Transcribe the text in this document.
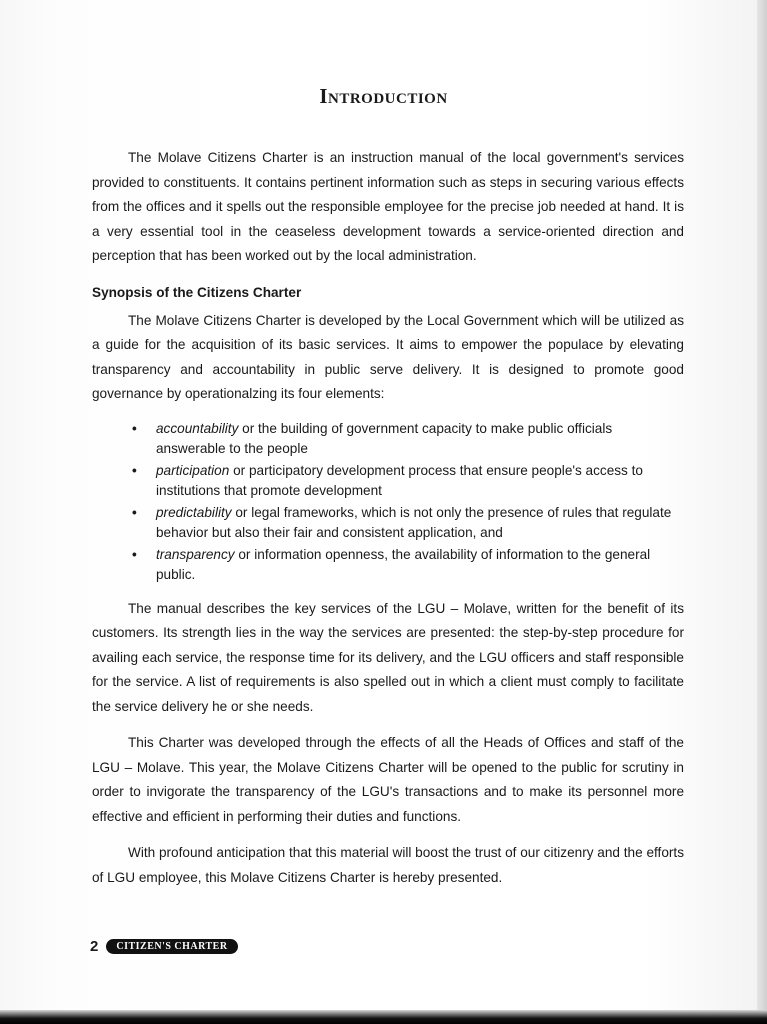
Introduction

The Molave Citizens Charter is an instruction manual of the local government's services provided to constituents. It contains pertinent information such as steps in securing various effects from the offices and it spells out the responsible employee for the precise job needed at hand. It is a very essential tool in the ceaseless development towards a service-oriented direction and perception that has been worked out by the local administration.

Synopsis of the Citizens Charter

The Molave Citizens Charter is developed by the Local Government which will be utilized as a guide for the acquisition of its basic services. It aims to empower the populace by elevating transparency and accountability in public serve delivery. It is designed to promote good governance by operationalzing its four elements:

• accountability or the building of government capacity to make public officials answerable to the people
• participation or participatory development process that ensure people's access to institutions that promote development
• predictability or legal frameworks, which is not only the presence of rules that regulate behavior but also their fair and consistent application, and
• transparency or information openness, the availability of information to the general public.

The manual describes the key services of the LGU – Molave, written for the benefit of its customers. Its strength lies in the way the services are presented: the step-by-step procedure for availing each service, the response time for its delivery, and the LGU officers and staff responsible for the service. A list of requirements is also spelled out in which a client must comply to facilitate the service delivery he or she needs.

This Charter was developed through the effects of all the Heads of Offices and staff of the LGU – Molave. This year, the Molave Citizens Charter will be opened to the public for scrutiny in order to invigorate the transparency of the LGU's transactions and to make its personnel more effective and efficient in performing their duties and functions.

With profound anticipation that this material will boost the trust of our citizenry and the efforts of LGU employee, this Molave Citizens Charter is hereby presented.

2	CITIZEN'S CHARTER
